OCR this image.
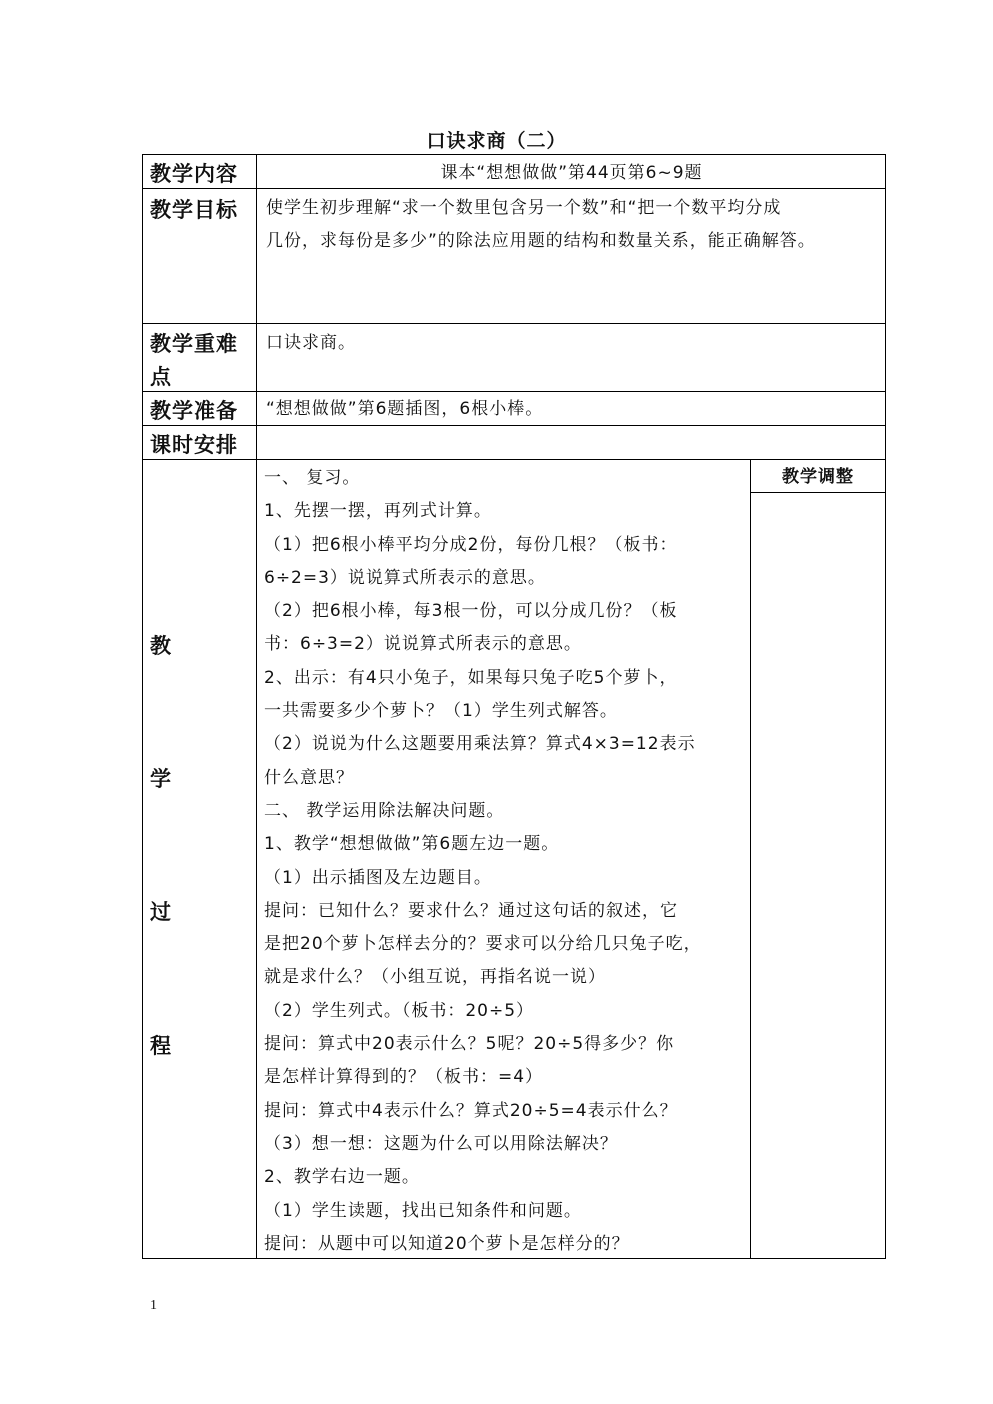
口诀求商（二）
教学内容	课本“想想做做”第44页第6~9题
教学目标 使学生初步理解“求一个数里包含另一个数”和“把一个数平均分成
几份，求每份是多少”的除法应用题的结构和数量关系，能正确解答。
教学重难
点
口诀求商。
教学准备 “想想做做”第6题插图，6根小棒。
课时安排
教
学
过
程
一、 复习。
1、先摆一摆，再列式计算。
（1）把6根小棒平均分成2份，每份几根？（板书：
6÷2=3）说说算式所表示的意思。
（2）把6根小棒，每3根一份，可以分成几份？（板
书：6÷3=2）说说算式所表示的意思。
2、出示：有4只小兔子，如果每只兔子吃5个萝卜，
一共需要多少个萝卜？（1）学生列式解答。
（2）说说为什么这题要用乘法算？算式4×3=12表示
什么意思？
二、 教学运用除法解决问题。
1、教学“想想做做”第6题左边一题。
（1）出示插图及左边题目。
提问：已知什么？要求什么？通过这句话的叙述，它
是把20个萝卜怎样去分的？要求可以分给几只兔子吃，
就是求什么？（小组互说，再指名说一说）
（2）学生列式。（板书：20÷5）
提问：算式中20表示什么？5呢？20÷5得多少？你
是怎样计算得到的？（板书：=4）
提问：算式中4表示什么？算式20÷5=4表示什么？
（3）想一想：这题为什么可以用除法解决？
2、教学右边一题。
（1）学生读题，找出已知条件和问题。
提问：从题中可以知道20个萝卜是怎样分的？
教学调整
1
